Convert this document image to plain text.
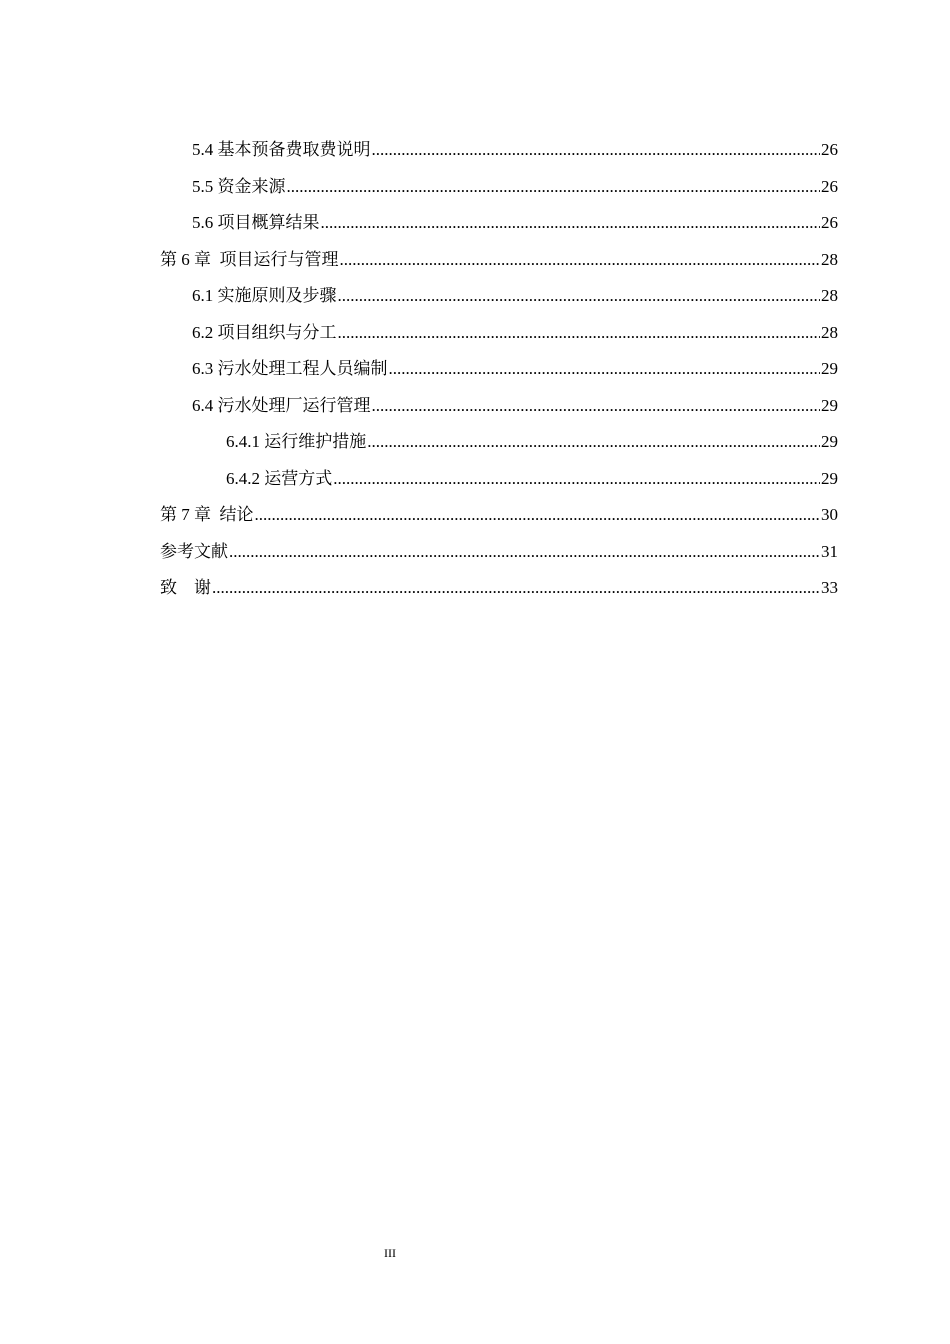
5.4 基本预备费取费说明 .....	26
5.5 资金来源 .....	26
5.6 项目概算结果 .....	26
第 6 章  项目运行与管理 .....	28
6.1 实施原则及步骤 .....	28
6.2 项目组织与分工 .....	28
6.3 污水处理工程人员编制 .....	29
6.4 污水处理厂运行管理 .....	29
6.4.1 运行维护措施 .....	29
6.4.2 运营方式 .....	29
第 7 章  结论 .....	30
参考文献 .....	31
致    谢 .....	33
III
